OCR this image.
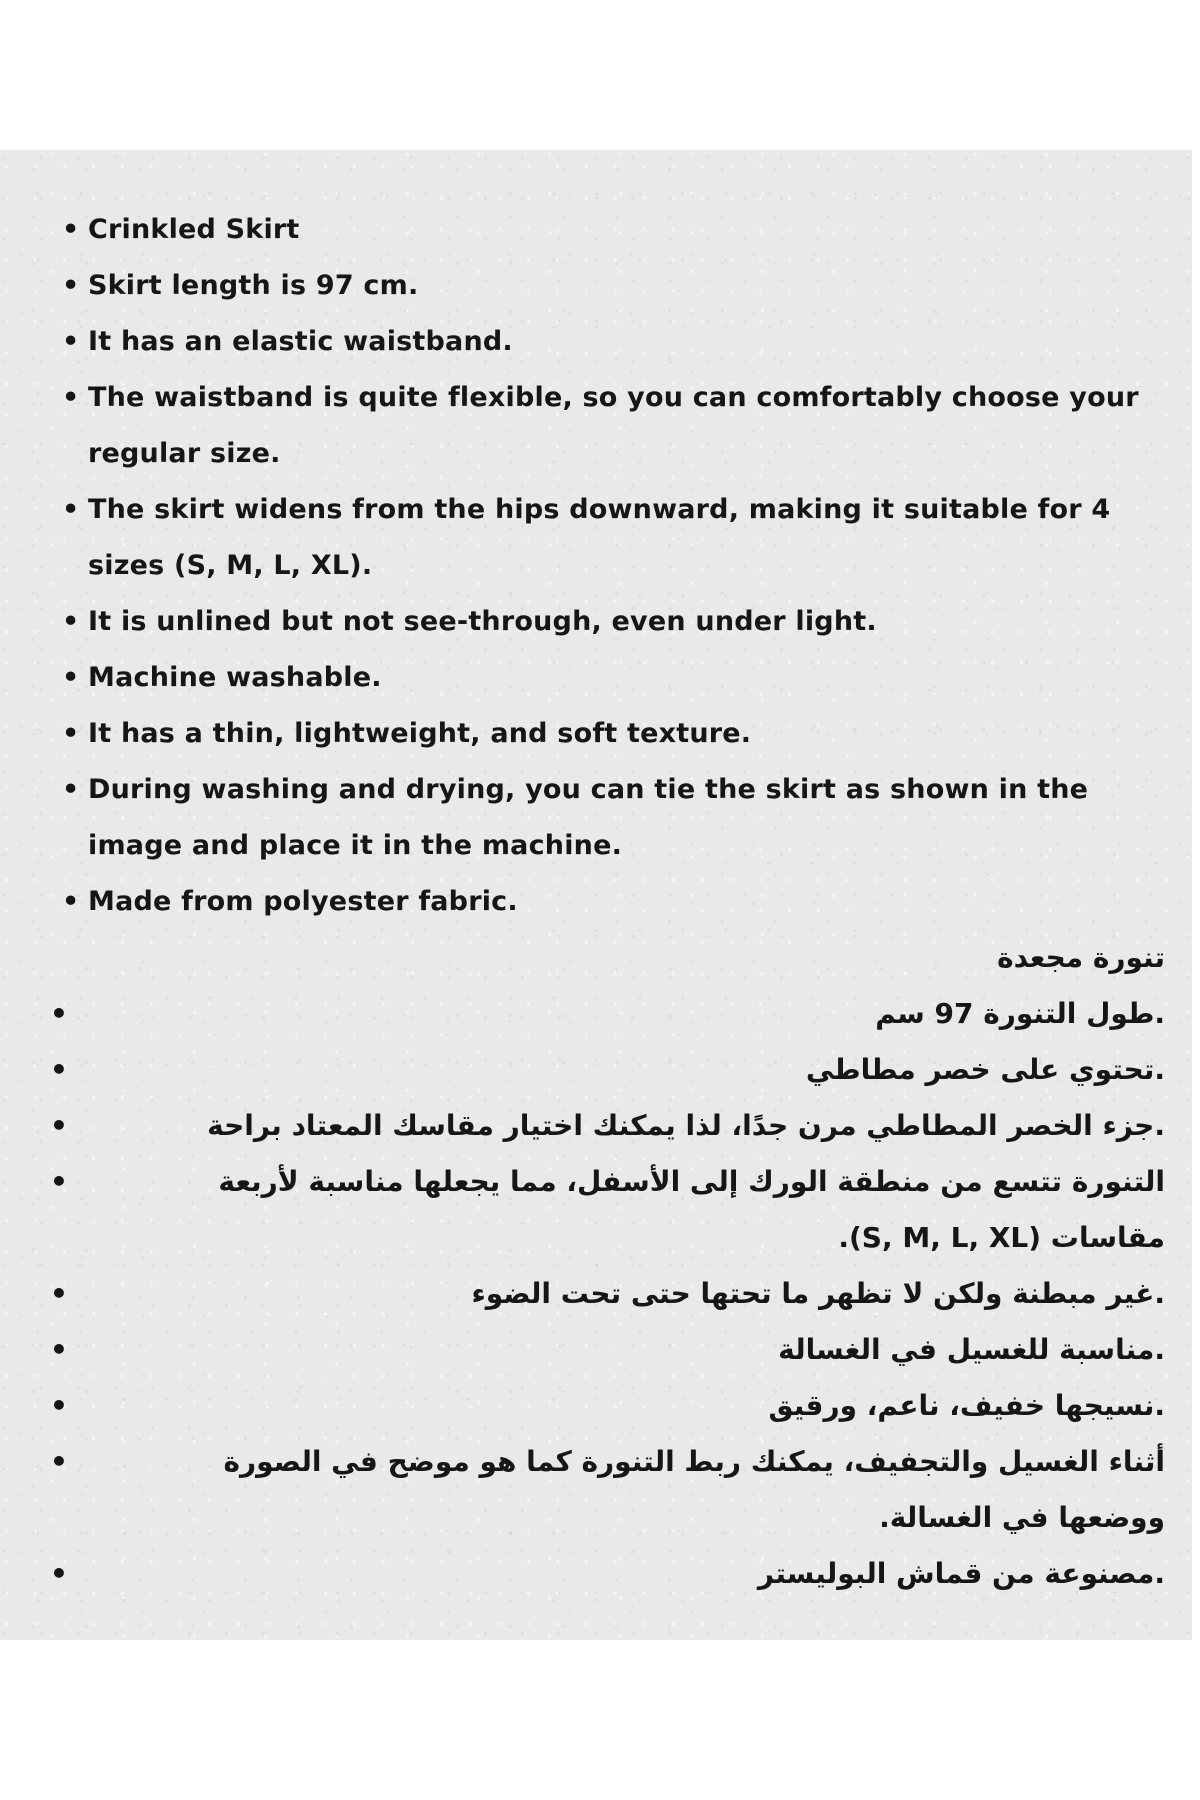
• Crinkled Skirt
• Skirt length is 97 cm.
• It has an elastic waistband.
• The waistband is quite flexible, so you can comfortably choose your regular size.
• The skirt widens from the hips downward, making it suitable for 4 sizes (S, M, L, XL).
• It is unlined but not see-through, even under light.
• Machine washable.
• It has a thin, lightweight, and soft texture.
• During washing and drying, you can tie the skirt as shown in the image and place it in the machine.
• Made from polyester fabric.
تنورة مجعدة
•	.طول التنورة 97 سم
•	.تحتوي على خصر مطاطي
•	.جزء الخصر المطاطي مرن جدًا، لذا يمكنك اختيار مقاسك المعتاد براحة
•	التنورة تتسع من منطقة الورك إلى الأسفل، مما يجعلها مناسبة لأربعة مقاسات (S, M, L, XL).
•	.غير مبطنة ولكن لا تظهر ما تحتها حتى تحت الضوء
•	.مناسبة للغسيل في الغسالة
•	.نسيجها خفيف، ناعم، ورقيق
•	أثناء الغسيل والتجفيف، يمكنك ربط التنورة كما هو موضح في الصورة ووضعها في الغسالة.
•	.مصنوعة من قماش البوليستر
